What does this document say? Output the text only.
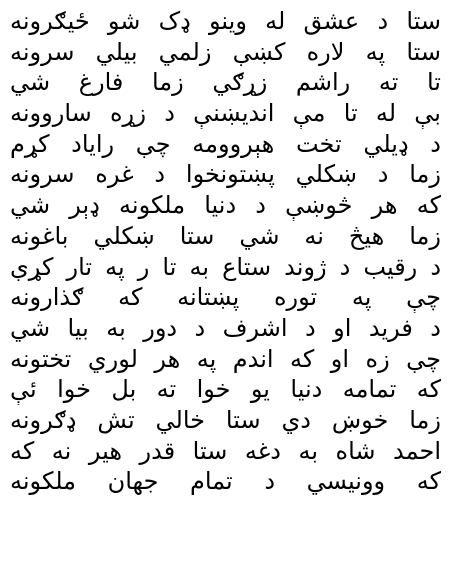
ستا د عشق له وينو ډک شو ځيګرونه
ستا په لاره کښې زلمي بيلي سرونه
تا ته راشم زړګي زما فارغ شي
بې له تا مې انديښنې د زړه ساروونه
د ډيلي تخت هېروومه چې راياد کړم
زما د ښکلي پښتونخوا د غره سرونه
که هر څوښې د دنيا ملکونه ډېر شي
زما هيڅ نه شي ستا ښکلي باغونه
د رقيب د ژوند ستاع به تا ر په تار کړې
چې په توره پښتانه که ګذارونه
د فريد او د اشرف د دور به بيا شي
چې زه او که اندم په هر لوري تختونه
که تمامه دنيا يو خوا ته بل خوا ئې
زما خوښ دي ستا خالي تش ډګرونه
احمد شاه به دغه ستا قدر هير نه که
که وونيسي د تمام جهان ملکونه
